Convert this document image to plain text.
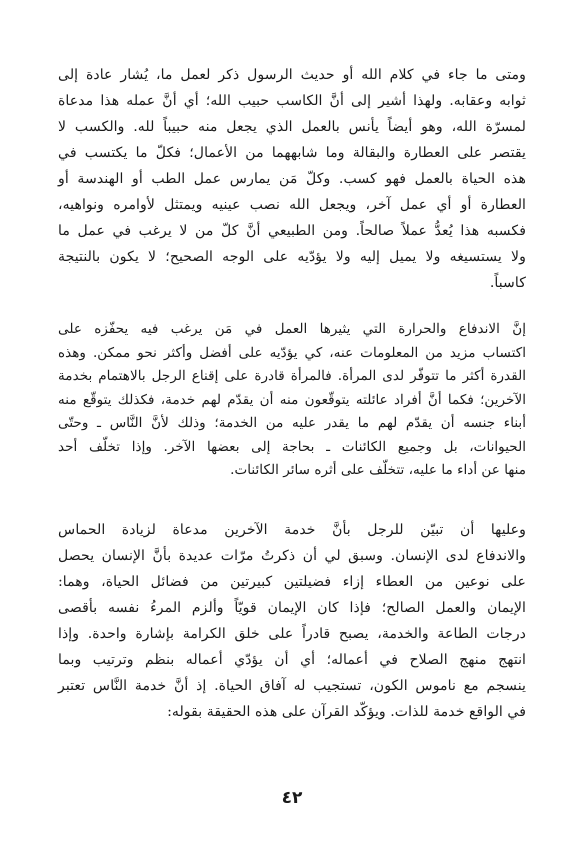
ومتى ما جاء في كلام الله أو حديث الرسول ذكر لعمل ما، يُشار عادة إلى
ثوابه وعقابه. ولهذا أشير إلى أنَّ الكاسب حبيب الله؛ أي أنَّ عمله هذا مدعاة
لمسرّة الله، وهو أيضاً يأنس بالعمل الذي يجعل منه حبيباً لله. والكسب لا
يقتصر على العطارة والبقالة وما شابههما من الأعمال؛ فكلّ ما يكتسب في
هذه الحياة بالعمل فهو كسب. وكلّ مَن يمارس عمل الطب أو الهندسة أو
العطارة أو أي عمل آخر، ويجعل الله نصب عينيه ويمتثل لأوامره ونواهيه،
فكسبه هذا يُعدُّ عملاً صالحاً. ومن الطبيعي أنَّ كلّ من لا يرغب في عمل ما
ولا يستسيغه ولا يميل إليه ولا يؤدّيه على الوجه الصحيح؛ لا يكون بالنتيجة
كاسباً.
إنَّ الاندفاع والحرارة التي يثيرها العمل في مَن يرغب فيه يحفّزه على
اكتساب مزيد من المعلومات عنه، كي يؤدّيه على أفضل وأكثر نحو ممكن. وهذه
القدرة أكثر ما تتوفّر لدى المرأة. فالمرأة قادرة على إقناع الرجل بالاهتمام بخدمة
الآخرين؛ فكما أنَّ أفراد عائلته يتوقّعون منه أن يقدّم لهم خدمة، فكذلك يتوقّع منه
أبناء جنسه أن يقدّم لهم ما يقدر عليه من الخدمة؛ وذلك لأنَّ النَّاس ـ وحتّى
الحيوانات، بل وجميع الكائنات ـ بحاجة إلى بعضها الآخر. وإذا تخلّف أحد
منها عن أداء ما عليه، تتخلّف على أثره سائر الكائنات.
وعليها أن تبيّن للرجل بأنَّ خدمة الآخرين مدعاة لزيادة الحماس
والاندفاع لدى الإنسان. وسبق لي أن ذكرتُ مرّات عديدة بأنَّ الإنسان يحصل
على نوعين من العطاء إزاء فضيلتين كبيرتين من فضائل الحياة، وهما:
الإيمان والعمل الصالح؛ فإذا كان الإيمان قويّاً وألزم المرءُ نفسه بأقصى
درجات الطاعة والخدمة، يصبح قادراً على خلق الكرامة بإشارة واحدة. وإذا
انتهج منهج الصلاح في أعماله؛ أي أن يؤدّي أعماله بنظم وترتيب وبما
ينسجم مع ناموس الكون، تستجيب له آفاق الحياة. إذ أنَّ خدمة النَّاس تعتبر
في الواقع خدمة للذات. ويؤكّد القرآن على هذه الحقيقة بقوله:
٤٢
